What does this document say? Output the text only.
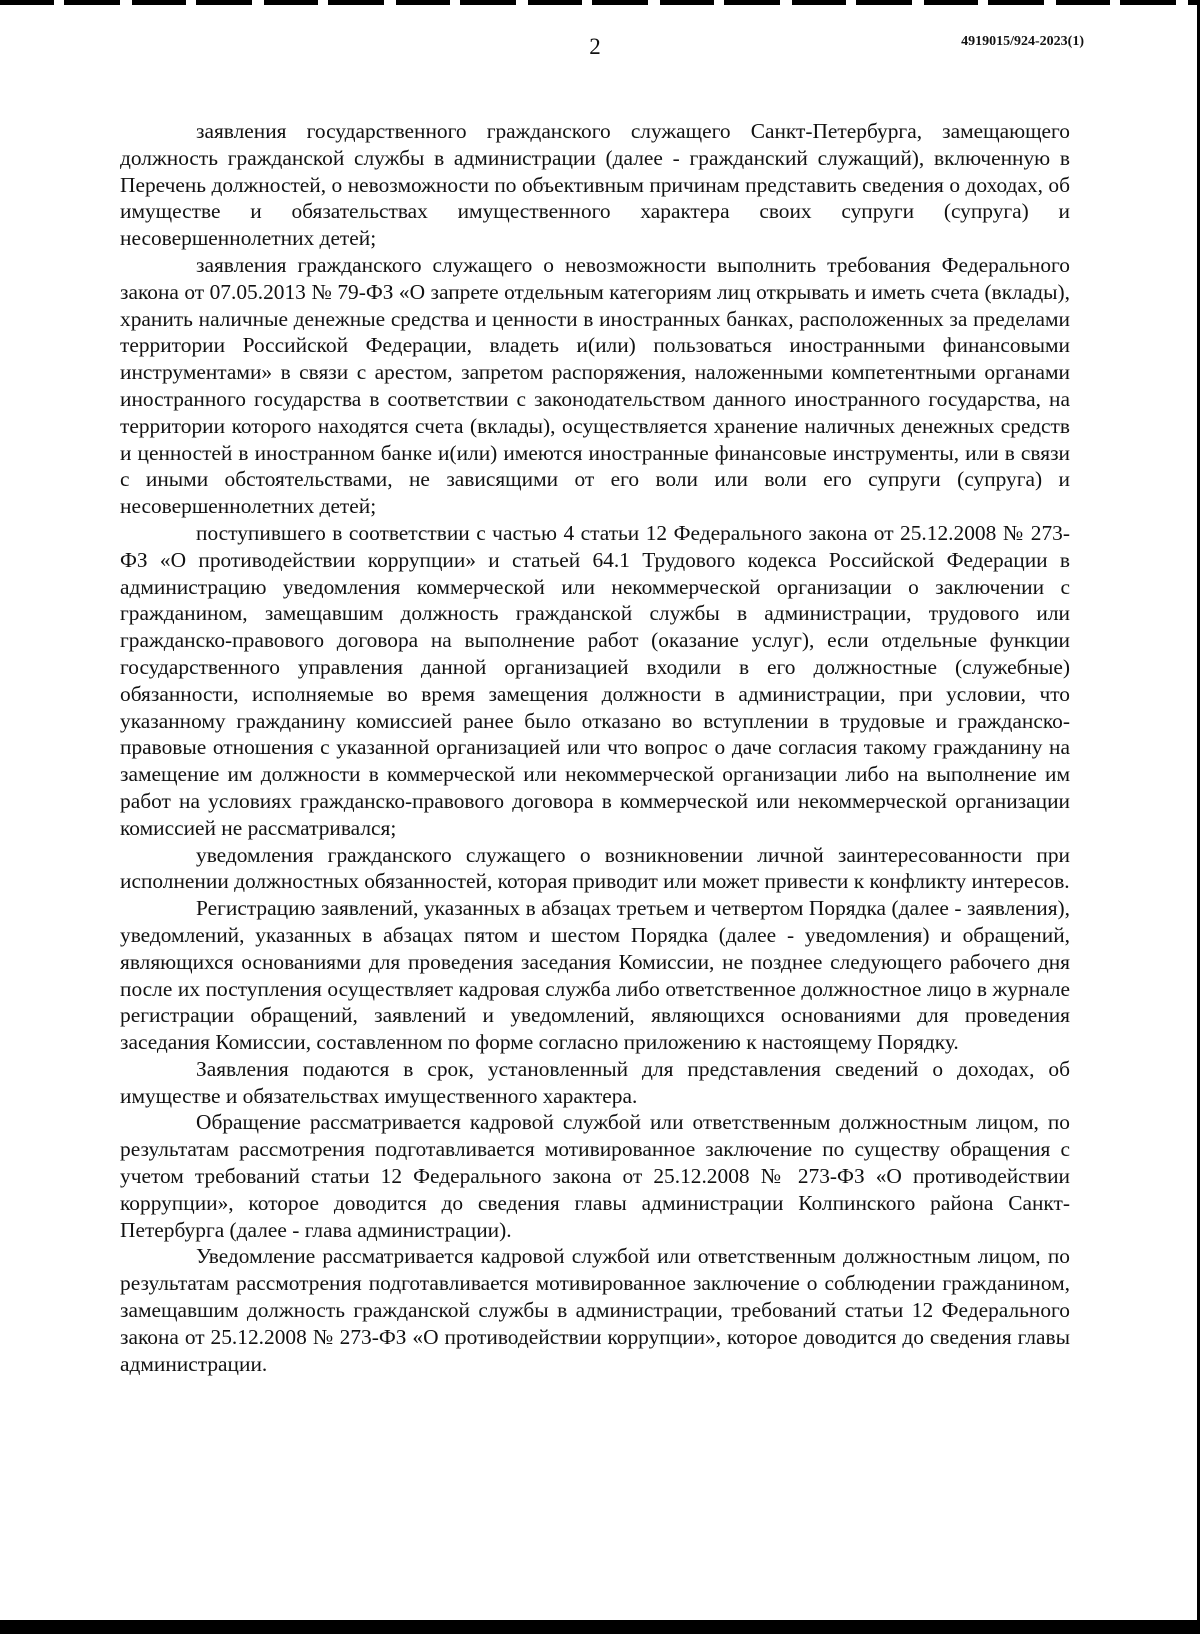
2	4919015/924-2023(1)

заявления государственного гражданского служащего Санкт-Петербурга, замещающего должность гражданской службы в администрации (далее - гражданский служащий), включенную в Перечень должностей, о невозможности по объективным причинам представить сведения о доходах, об имуществе и обязательствах имущественного характера своих супруги (супруга) и несовершеннолетних детей;

заявления гражданского служащего о невозможности выполнить требования Федерального закона от 07.05.2013 № 79-ФЗ «О запрете отдельным категориям лиц открывать и иметь счета (вклады), хранить наличные денежные средства и ценности в иностранных банках, расположенных за пределами территории Российской Федерации, владеть и(или) пользоваться иностранными финансовыми инструментами» в связи с арестом, запретом распоряжения, наложенными компетентными органами иностранного государства в соответствии с законодательством данного иностранного государства, на территории которого находятся счета (вклады), осуществляется хранение наличных денежных средств и ценностей в иностранном банке и(или) имеются иностранные финансовые инструменты, или в связи с иными обстоятельствами, не зависящими от его воли или воли его супруги (супруга) и несовершеннолетних детей;

поступившего в соответствии с частью 4 статьи 12 Федерального закона от 25.12.2008 № 273-ФЗ «О противодействии коррупции» и статьей 64.1 Трудового кодекса Российской Федерации в администрацию уведомления коммерческой или некоммерческой организации о заключении с гражданином, замещавшим должность гражданской службы в администрации, трудового или гражданско-правового договора на выполнение работ (оказание услуг), если отдельные функции государственного управления данной организацией входили в его должностные (служебные) обязанности, исполняемые во время замещения должности в администрации, при условии, что указанному гражданину комиссией ранее было отказано во вступлении в трудовые и гражданско-правовые отношения с указанной организацией или что вопрос о даче согласия такому гражданину на замещение им должности в коммерческой или некоммерческой организации либо на выполнение им работ на условиях гражданско-правового договора в коммерческой или некоммерческой организации комиссией не рассматривался;

уведомления гражданского служащего о возникновении личной заинтересованности при исполнении должностных обязанностей, которая приводит или может привести к конфликту интересов.

Регистрацию заявлений, указанных в абзацах третьем и четвертом Порядка (далее - заявления), уведомлений, указанных в абзацах пятом и шестом Порядка (далее - уведомления) и обращений, являющихся основаниями для проведения заседания Комиссии, не позднее следующего рабочего дня после их поступления осуществляет кадровая служба либо ответственное должностное лицо в журнале регистрации обращений, заявлений и уведомлений, являющихся основаниями для проведения заседания Комиссии, составленном по форме согласно приложению к настоящему Порядку.

Заявления подаются в срок, установленный для представления сведений о доходах, об имуществе и обязательствах имущественного характера.

Обращение рассматривается кадровой службой или ответственным должностным лицом, по результатам рассмотрения подготавливается мотивированное заключение по существу обращения с учетом требований статьи 12 Федерального закона от 25.12.2008 № 273-ФЗ «О противодействии коррупции», которое доводится до сведения главы администрации Колпинского района Санкт-Петербурга (далее - глава администрации).

Уведомление рассматривается кадровой службой или ответственным должностным лицом, по результатам рассмотрения подготавливается мотивированное заключение о соблюдении гражданином, замещавшим должность гражданской службы в администрации, требований статьи 12 Федерального закона от 25.12.2008 № 273-ФЗ «О противодействии коррупции», которое доводится до сведения главы администрации.
